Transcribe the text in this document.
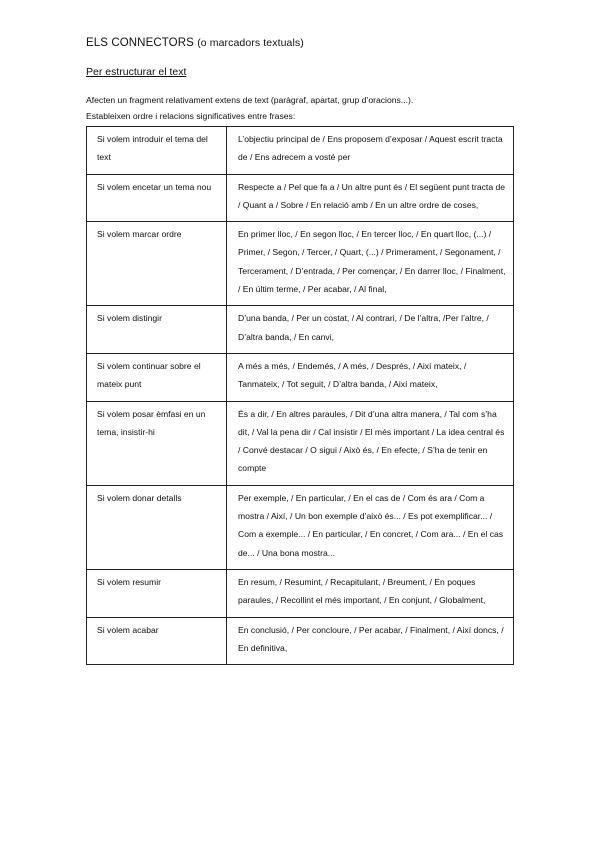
ELS CONNECTORS (o marcadors textuals)
Per estructurar el text
Afecten un fragment relativament extens de text (paràgraf, apartat, grup d’oracions...).
Estableixen ordre i relacions significatives entre frases:
Si volem introduir el tema del text	L’objectiu principal de / Ens proposem d’exposar / Aquest escrit tracta de / Ens adrecem a vosté per
Si volem encetar un tema nou	Respecte a / Pel que fa a / Un altre punt és / El següent punt tracta de / Quant a / Sobre / En relació amb / En un altre ordre de coses,
Si volem marcar ordre	En primer lloc, / En segon lloc, / En tercer lloc, / En quart lloc, (...) / Primer, / Segon, / Tercer, / Quart, (...) / Primerament, / Segonament, / Tercerament, / D’entrada, / Per començar, / En darrer lloc, / Finalment, / En últim terme, / Per acabar, / Al final,
Si volem distingir	D’una banda, / Per un costat, / Al contrari, / De l’altra, /Per l’altre, / D’altra banda, / En canvi,
Si volem continuar sobre el mateix punt	A més a més, / Endemés, / A més, / Després, / Així mateix, / Tanmateix, / Tot seguit, / D’altra banda, / Així mateix,
Si volem posar èmfasi en un tema, insistir-hi	És a dir, / En altres paraules, / Dit d’una altra manera, / Tal com s’ha dit, / Val la pena dir / Cal insistir / El més important / La idea central és / Convé destacar / O sigui / Això és, / En efecte, / S’ha de tenir en compte
Si volem donar detalls	Per exemple, / En particular, / En el cas de / Com és ara / Com a mostra / Així, / Un bon exemple d’això és... / Es pot exemplificar... / Com a exemple... / En particular, / En concret, / Com ara... / En el cas de... / Una bona mostra...
Si volem resumir	En resum, / Resumint, / Recapitulant, / Breument, / En poques paraules, / Recollint el més important, / En conjunt, / Globalment,
Si volem acabar	En conclusió, / Per concloure, / Per acabar, / Finalment, / Així doncs, / En definitiva,
